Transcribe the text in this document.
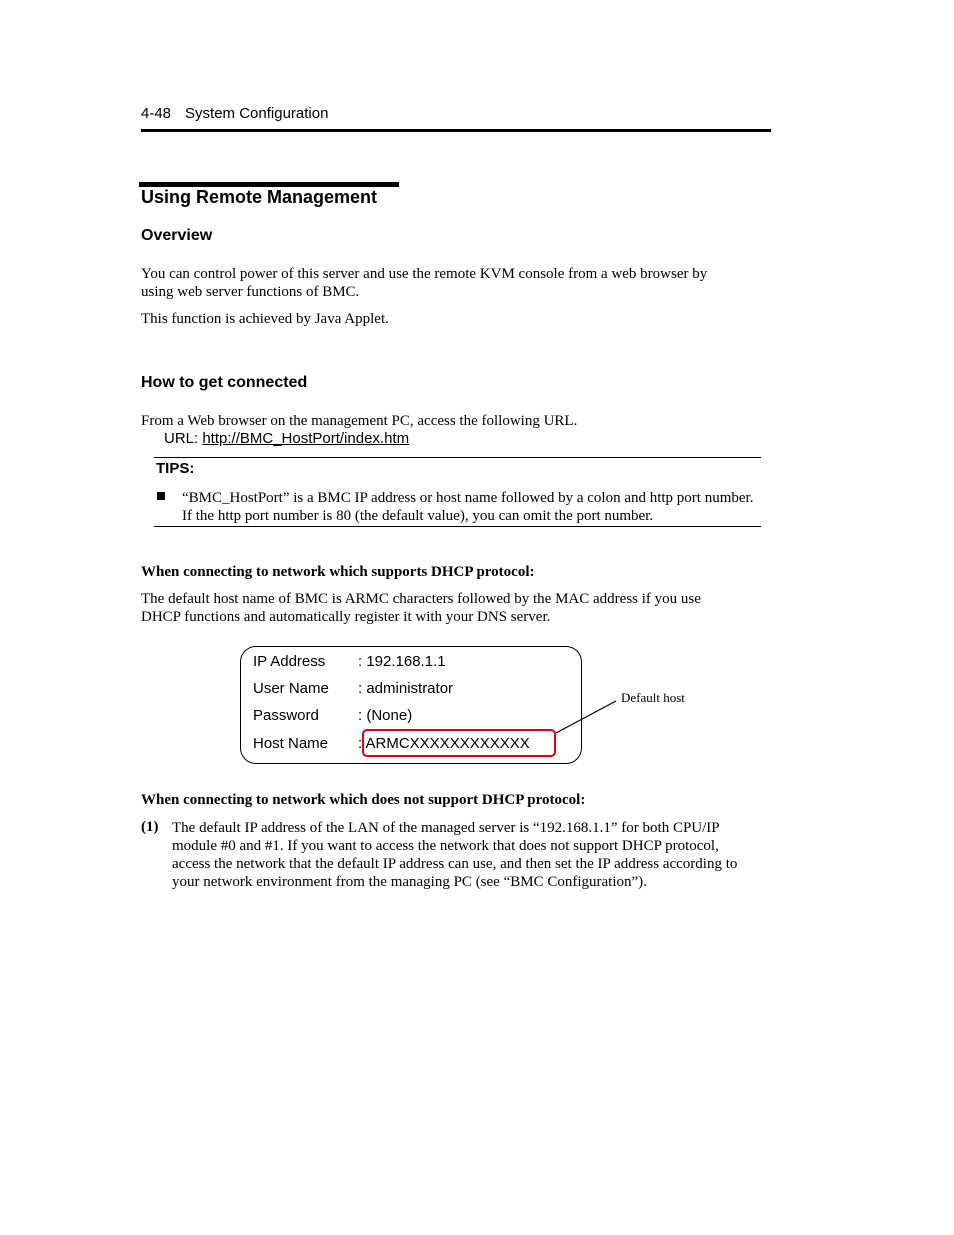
4-48 System Configuration
Using Remote Management
Overview
You can control power of this server and use the remote KVM console from a web browser by using web server functions of BMC.
This function is achieved by Java Applet.
How to get connected
From a Web browser on the management PC, access the following URL.
URL: http://BMC_HostPort/index.htm
TIPS:
“BMC_HostPort” is a BMC IP address or host name followed by a colon and http port number. If the http port number is 80 (the default value), you can omit the port number.
When connecting to network which supports DHCP protocol:
The default host name of BMC is ARMC characters followed by the MAC address if you use DHCP functions and automatically register it with your DNS server.
IP Address : 192.168.1.1
User Name : administrator
Password	: (None)
Host Name : ARMCXXXXXXXXXXXX
Default host
When connecting to network which does not support DHCP protocol:
(1) The default IP address of the LAN of the managed server is “192.168.1.1” for both CPU/IP module #0 and #1. If you want to access the network that does not support DHCP protocol, access the network that the default IP address can use, and then set the IP address according to your network environment from the managing PC (see “BMC Configuration”).
